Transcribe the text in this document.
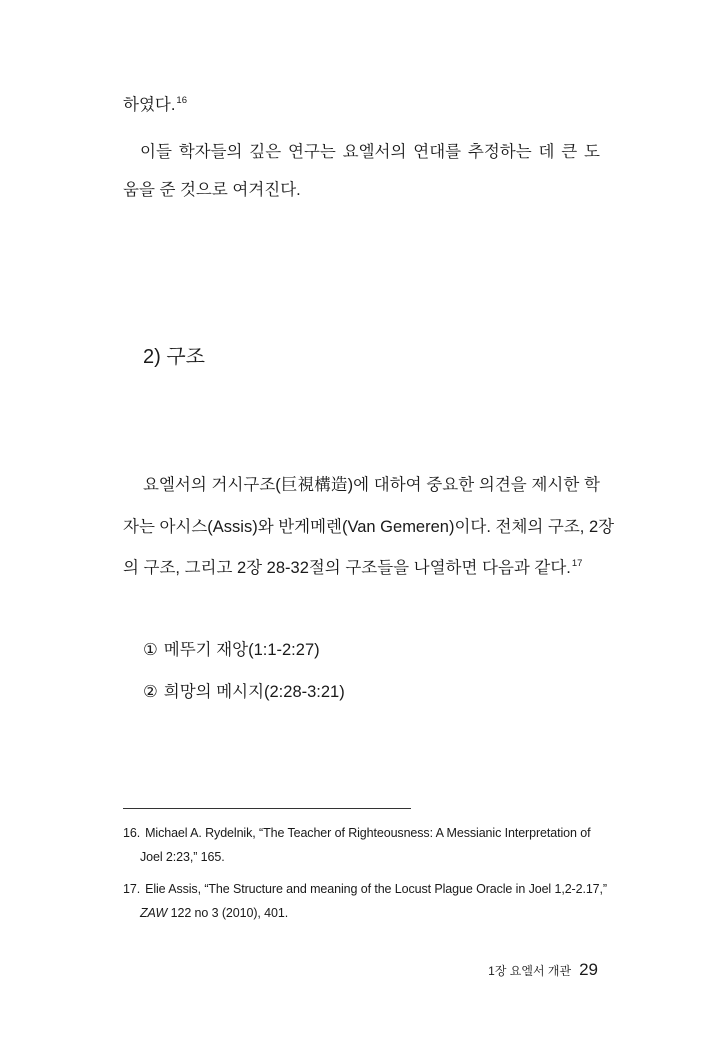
하였다.$^{16}$
이들 학자들의 깊은 연구는 요엘서의 연대를 추정하는 데 큰 도
움을 준 것으로 여겨진다.
2) 구조
요엘서의 거시구조(巨視構造)에 대하여 중요한 의견을 제시한 학
자는 아시스(Assis)와 반게메렌(Van Gemeren)이다. 전체의 구조, 2장
의 구조, 그리고 2장 28-32절의 구조들을 나열하면 다음과 같다.$^{17}$
① 메뚜기 재앙(1:1-2:27)
② 희망의 메시지(2:28-3:21)
16. Michael A. Rydelnik, “The Teacher of Righteousness: A Messianic Interpretation of
Joel 2:23,” 165.
17. Elie Assis, “The Structure and meaning of the Locust Plague Oracle in Joel 1,2-2.17,”
ZAW 122 no 3 (2010), 401.
1장 요엘서 개관 29
